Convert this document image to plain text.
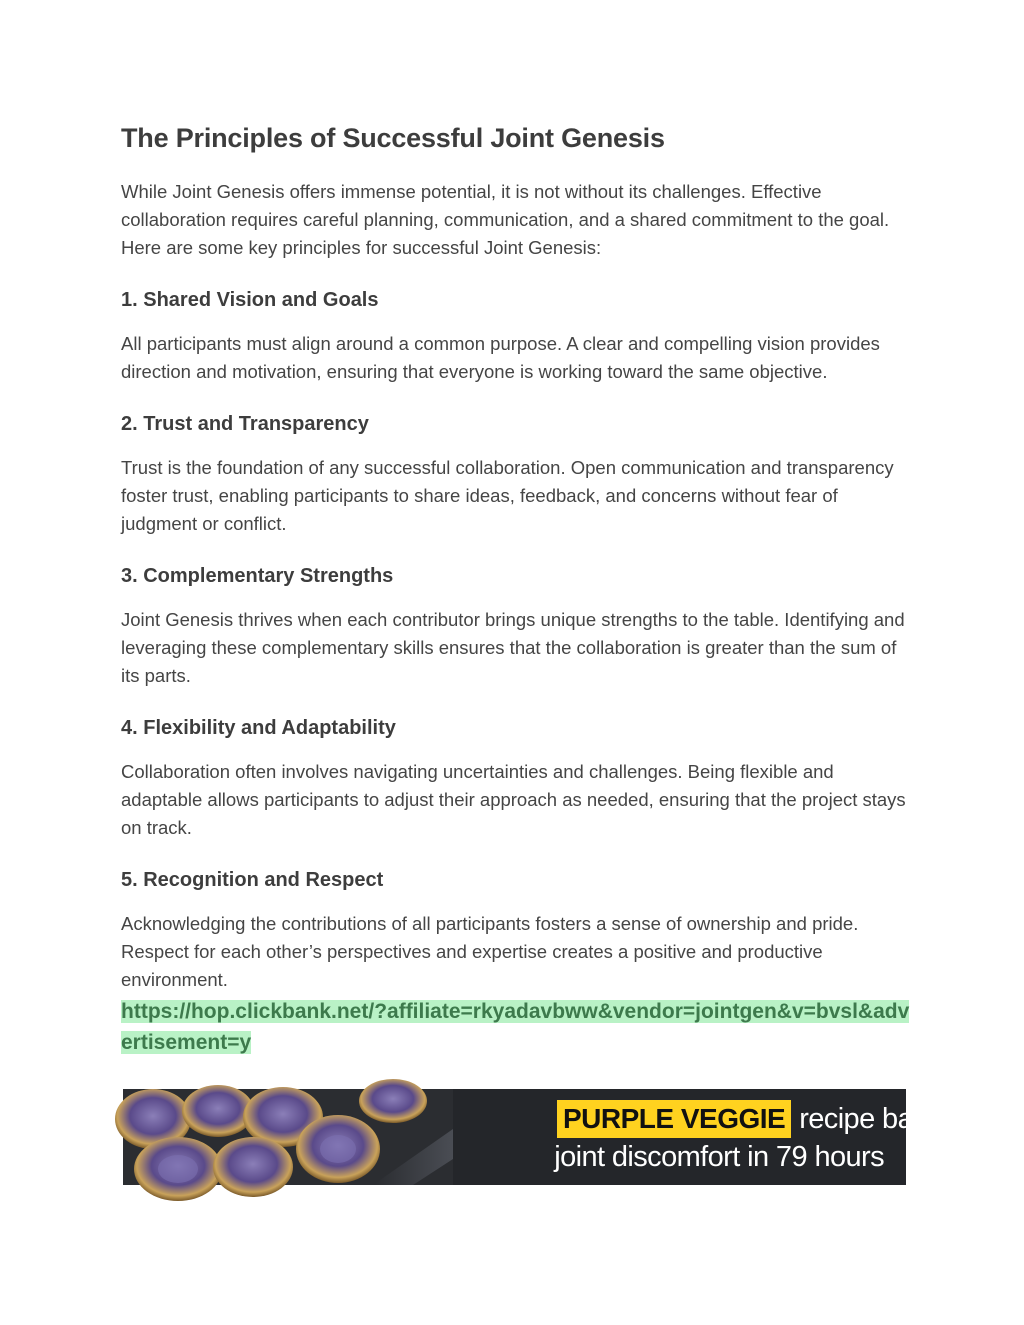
The Principles of Successful Joint Genesis

While Joint Genesis offers immense potential, it is not without its challenges. Effective collaboration requires careful planning, communication, and a shared commitment to the goal. Here are some key principles for successful Joint Genesis:

1. Shared Vision and Goals

All participants must align around a common purpose. A clear and compelling vision provides direction and motivation, ensuring that everyone is working toward the same objective.

2. Trust and Transparency

Trust is the foundation of any successful collaboration. Open communication and transparency foster trust, enabling participants to share ideas, feedback, and concerns without fear of judgment or conflict.

3. Complementary Strengths

Joint Genesis thrives when each contributor brings unique strengths to the table. Identifying and leveraging these complementary skills ensures that the collaboration is greater than the sum of its parts.

4. Flexibility and Adaptability

Collaboration often involves navigating uncertainties and challenges. Being flexible and adaptable allows participants to adjust their approach as needed, ensuring that the project stays on track.

5. Recognition and Respect

Acknowledging the contributions of all participants fosters a sense of ownership and pride. Respect for each other’s perspectives and expertise creates a positive and productive environment.

https://hop.clickbank.net/?affiliate=rkyadavbww&vendor=jointgen&v=bvsl&advertisement=y
PURPLE VEGGIE recipe banishes
joint discomfort in 79 hours
